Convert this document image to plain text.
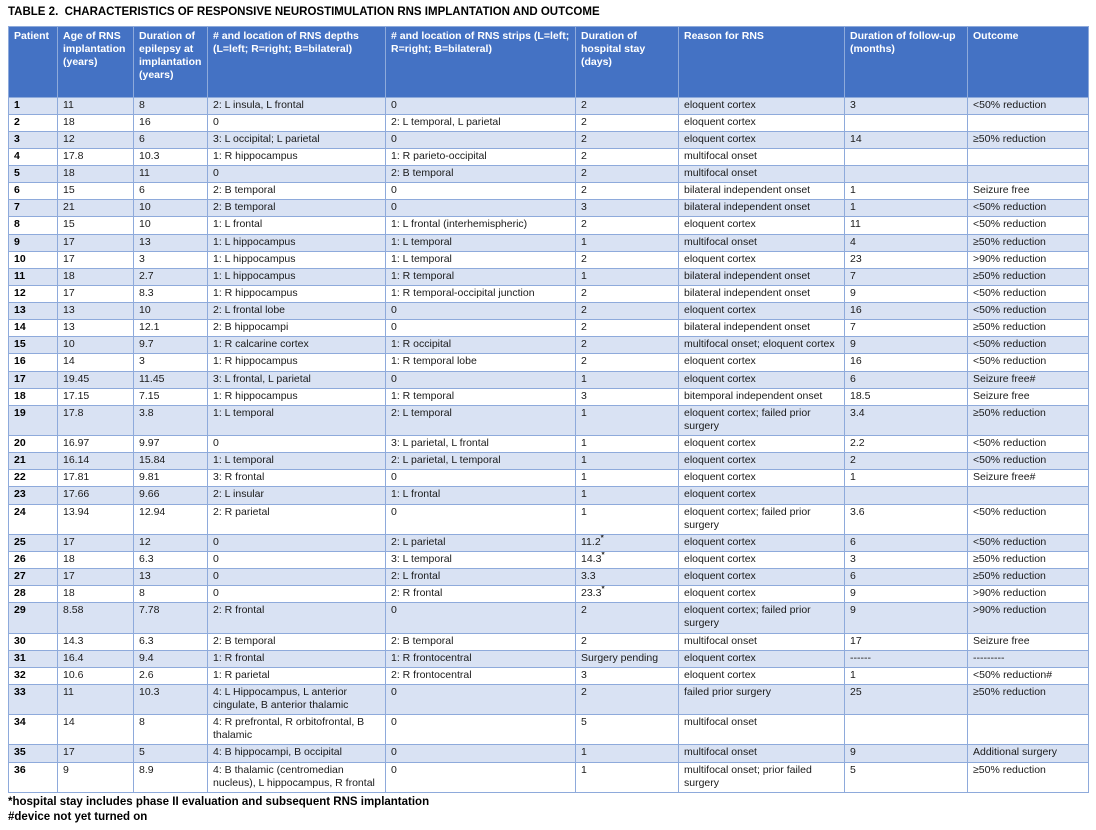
TABLE 2.  CHARACTERISTICS OF RESPONSIVE NEUROSTIMULATION RNS IMPLANTATION AND OUTCOME
Patient	Age of RNS implantation (years)	Duration of epilepsy at implantation (years)	# and location of RNS depths (L=left; R=right; B=bilateral)	# and location of RNS strips (L=left; R=right; B=bilateral)	Duration of hospital stay (days)	Reason for RNS	Duration of follow-up (months)	Outcome
1	11	8	2: L insula, L frontal	0	2	eloquent cortex	3	<50% reduction
2	18	16	0	2: L temporal, L parietal	2	eloquent cortex		
3	12	6	3: L occipital; L parietal	0	2	eloquent cortex	14	≥50% reduction
4	17.8	10.3	1: R hippocampus	1: R parieto-occipital	2	multifocal onset		
5	18	11	0	2: B temporal	2	multifocal onset		
6	15	6	2: B temporal	0	2	bilateral independent onset	1	Seizure free
7	21	10	2: B temporal	0	3	bilateral independent onset	1	<50% reduction
8	15	10	1: L frontal	1: L frontal (interhemispheric)	2	eloquent cortex	11	<50% reduction
9	17	13	1: L hippocampus	1: L temporal	1	multifocal onset	4	≥50% reduction
10	17	3	1: L hippocampus	1: L temporal	2	eloquent cortex	23	>90% reduction
11	18	2.7	1: L hippocampus	1: R temporal	1	bilateral independent onset	7	≥50% reduction
12	17	8.3	1: R hippocampus	1: R temporal-occipital junction	2	bilateral independent onset	9	<50% reduction
13	13	10	2: L frontal lobe	0	2	eloquent cortex	16	<50% reduction
14	13	12.1	2: B hippocampi	0	2	bilateral independent onset	7	≥50% reduction
15	10	9.7	1: R calcarine cortex	1: R occipital	2	multifocal onset; eloquent cortex	9	<50% reduction
16	14	3	1: R hippocampus	1: R temporal lobe	2	eloquent cortex	16	<50% reduction
17	19.45	11.45	3: L frontal, L parietal	0	1	eloquent cortex	6	Seizure free#
18	17.15	7.15	1: R hippocampus	1: R temporal	3	bitemporal independent onset	18.5	Seizure free
19	17.8	3.8	1: L temporal	2: L temporal	1	eloquent cortex; failed prior surgery	3.4	≥50% reduction
20	16.97	9.97	0	3: L parietal, L frontal	1	eloquent cortex	2.2	<50% reduction
21	16.14	15.84	1: L temporal	2: L parietal, L temporal	1	eloquent cortex	2	<50% reduction
22	17.81	9.81	3: R frontal	0	1	eloquent cortex	1	Seizure free#
23	17.66	9.66	2: L insular	1: L frontal	1	eloquent cortex		
24	13.94	12.94	2: R parietal	0	1	eloquent cortex; failed prior surgery	3.6	<50% reduction
25	17	12	0	2: L parietal	11.2*	eloquent cortex	6	<50% reduction
26	18	6.3	0	3: L temporal	14.3*	eloquent cortex	3	≥50% reduction
27	17	13	0	2: L frontal	3.3	eloquent cortex	6	≥50% reduction
28	18	8	0	2: R frontal	23.3*	eloquent cortex	9	>90% reduction
29	8.58	7.78	2: R frontal	0	2	eloquent cortex; failed prior surgery	9	>90% reduction
30	14.3	6.3	2: B temporal	2: B temporal	2	multifocal onset	17	Seizure free
31	16.4	9.4	1: R frontal	1: R frontocentral	Surgery pending	eloquent cortex	------	---------
32	10.6	2.6	1: R parietal	2: R frontocentral	3	eloquent cortex	1	<50% reduction#
33	11	10.3	4: L Hippocampus, L anterior cingulate, B anterior thalamic	0	2	failed prior surgery	25	≥50% reduction
34	14	8	4: R prefrontal, R orbitofrontal, B thalamic	0	5	multifocal onset		
35	17	5	4: B hippocampi, B occipital	0	1	multifocal onset	9	Additional surgery
36	9	8.9	4: B thalamic (centromedian nucleus), L hippocampus, R frontal	0	1	multifocal onset; prior failed surgery	5	≥50% reduction
*hospital stay includes phase II evaluation and subsequent RNS implantation
#device not yet turned on
